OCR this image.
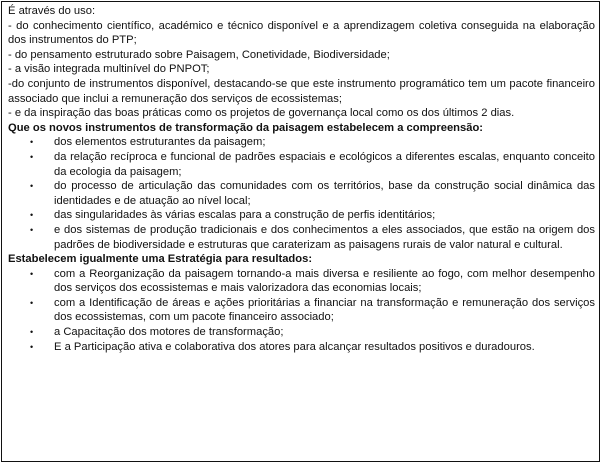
É através do uso:

- do conhecimento científico, académico e técnico disponível e a aprendizagem coletiva conseguida na elaboração dos instrumentos do PTP;

- do pensamento estruturado sobre Paisagem, Conetividade, Biodiversidade;

- a visão integrada multinível do PNPOT;

-do conjunto de instrumentos disponível, destacando-se que este instrumento programático tem um pacote financeiro associado que inclui a remuneração dos serviços de ecossistemas;

- e da inspiração das boas práticas como os projetos de governança local como os dos últimos 2 dias.

Que os novos instrumentos de transformação da paisagem estabelecem a compreensão:

• dos elementos estruturantes da paisagem;
• da relação recíproca e funcional de padrões espaciais e ecológicos a diferentes escalas, enquanto conceito da ecologia da paisagem;
• do processo de articulação das comunidades com os territórios, base da construção social dinâmica das identidades e de atuação ao nível local;
• das singularidades às várias escalas para a construção de perfis identitários;
• e dos sistemas de produção tradicionais e dos conhecimentos a eles associados, que estão na origem dos padrões de biodiversidade e estruturas que caraterizam as paisagens rurais de valor natural e cultural.

Estabelecem igualmente uma Estratégia para resultados:

• com a Reorganização da paisagem tornando-a mais diversa e resiliente ao fogo, com melhor desempenho dos serviços dos ecossistemas e mais valorizadora das economias locais;
• com a Identificação de áreas e ações prioritárias a financiar na transformação e remuneração dos serviços dos ecossistemas, com um pacote financeiro associado;
• a Capacitação dos motores de transformação;
• E a Participação ativa e colaborativa dos atores para alcançar resultados positivos e duradouros.
